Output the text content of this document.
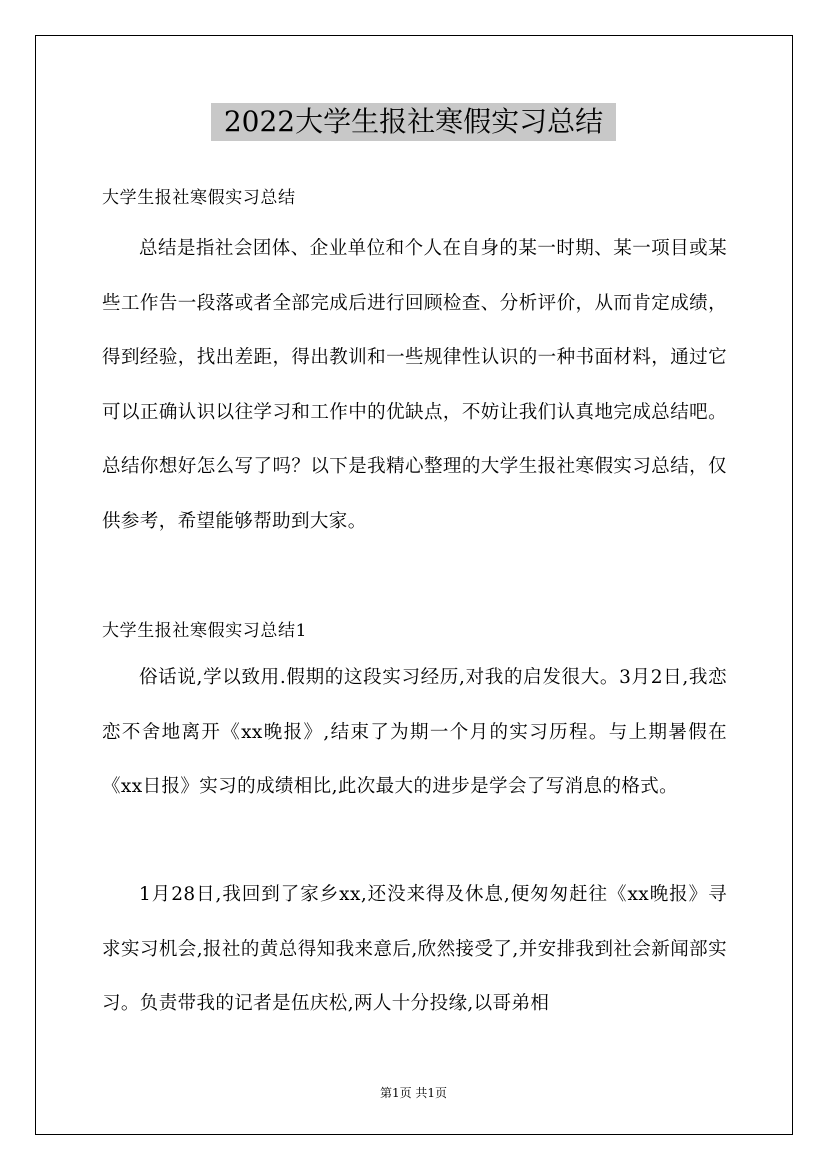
2022大学生报社寒假实习总结
大学生报社寒假实习总结
总结是指社会团体、企业单位和个人在自身的某一时期、某一项目或某些工作告一段落或者全部完成后进行回顾检查、分析评价，从而肯定成绩，得到经验，找出差距，得出教训和一些规律性认识的一种书面材料，通过它可以正确认识以往学习和工作中的优缺点，不妨让我们认真地完成总结吧。总结你想好怎么写了吗？以下是我精心整理的大学生报社寒假实习总结，仅供参考，希望能够帮助到大家。
大学生报社寒假实习总结1
俗话说,学以致用.假期的这段实习经历,对我的启发很大。3月2日,我恋恋不舍地离开《xx晚报》,结束了为期一个月的实习历程。与上期暑假在《xx日报》实习的成绩相比,此次最大的进步是学会了写消息的格式。
1月28日,我回到了家乡xx,还没来得及休息,便匆匆赶往《xx晚报》寻求实习机会,报社的黄总得知我来意后,欣然接受了,并安排我到社会新闻部实习。负责带我的记者是伍庆松,两人十分投缘,以哥弟相
第1页 共1页
